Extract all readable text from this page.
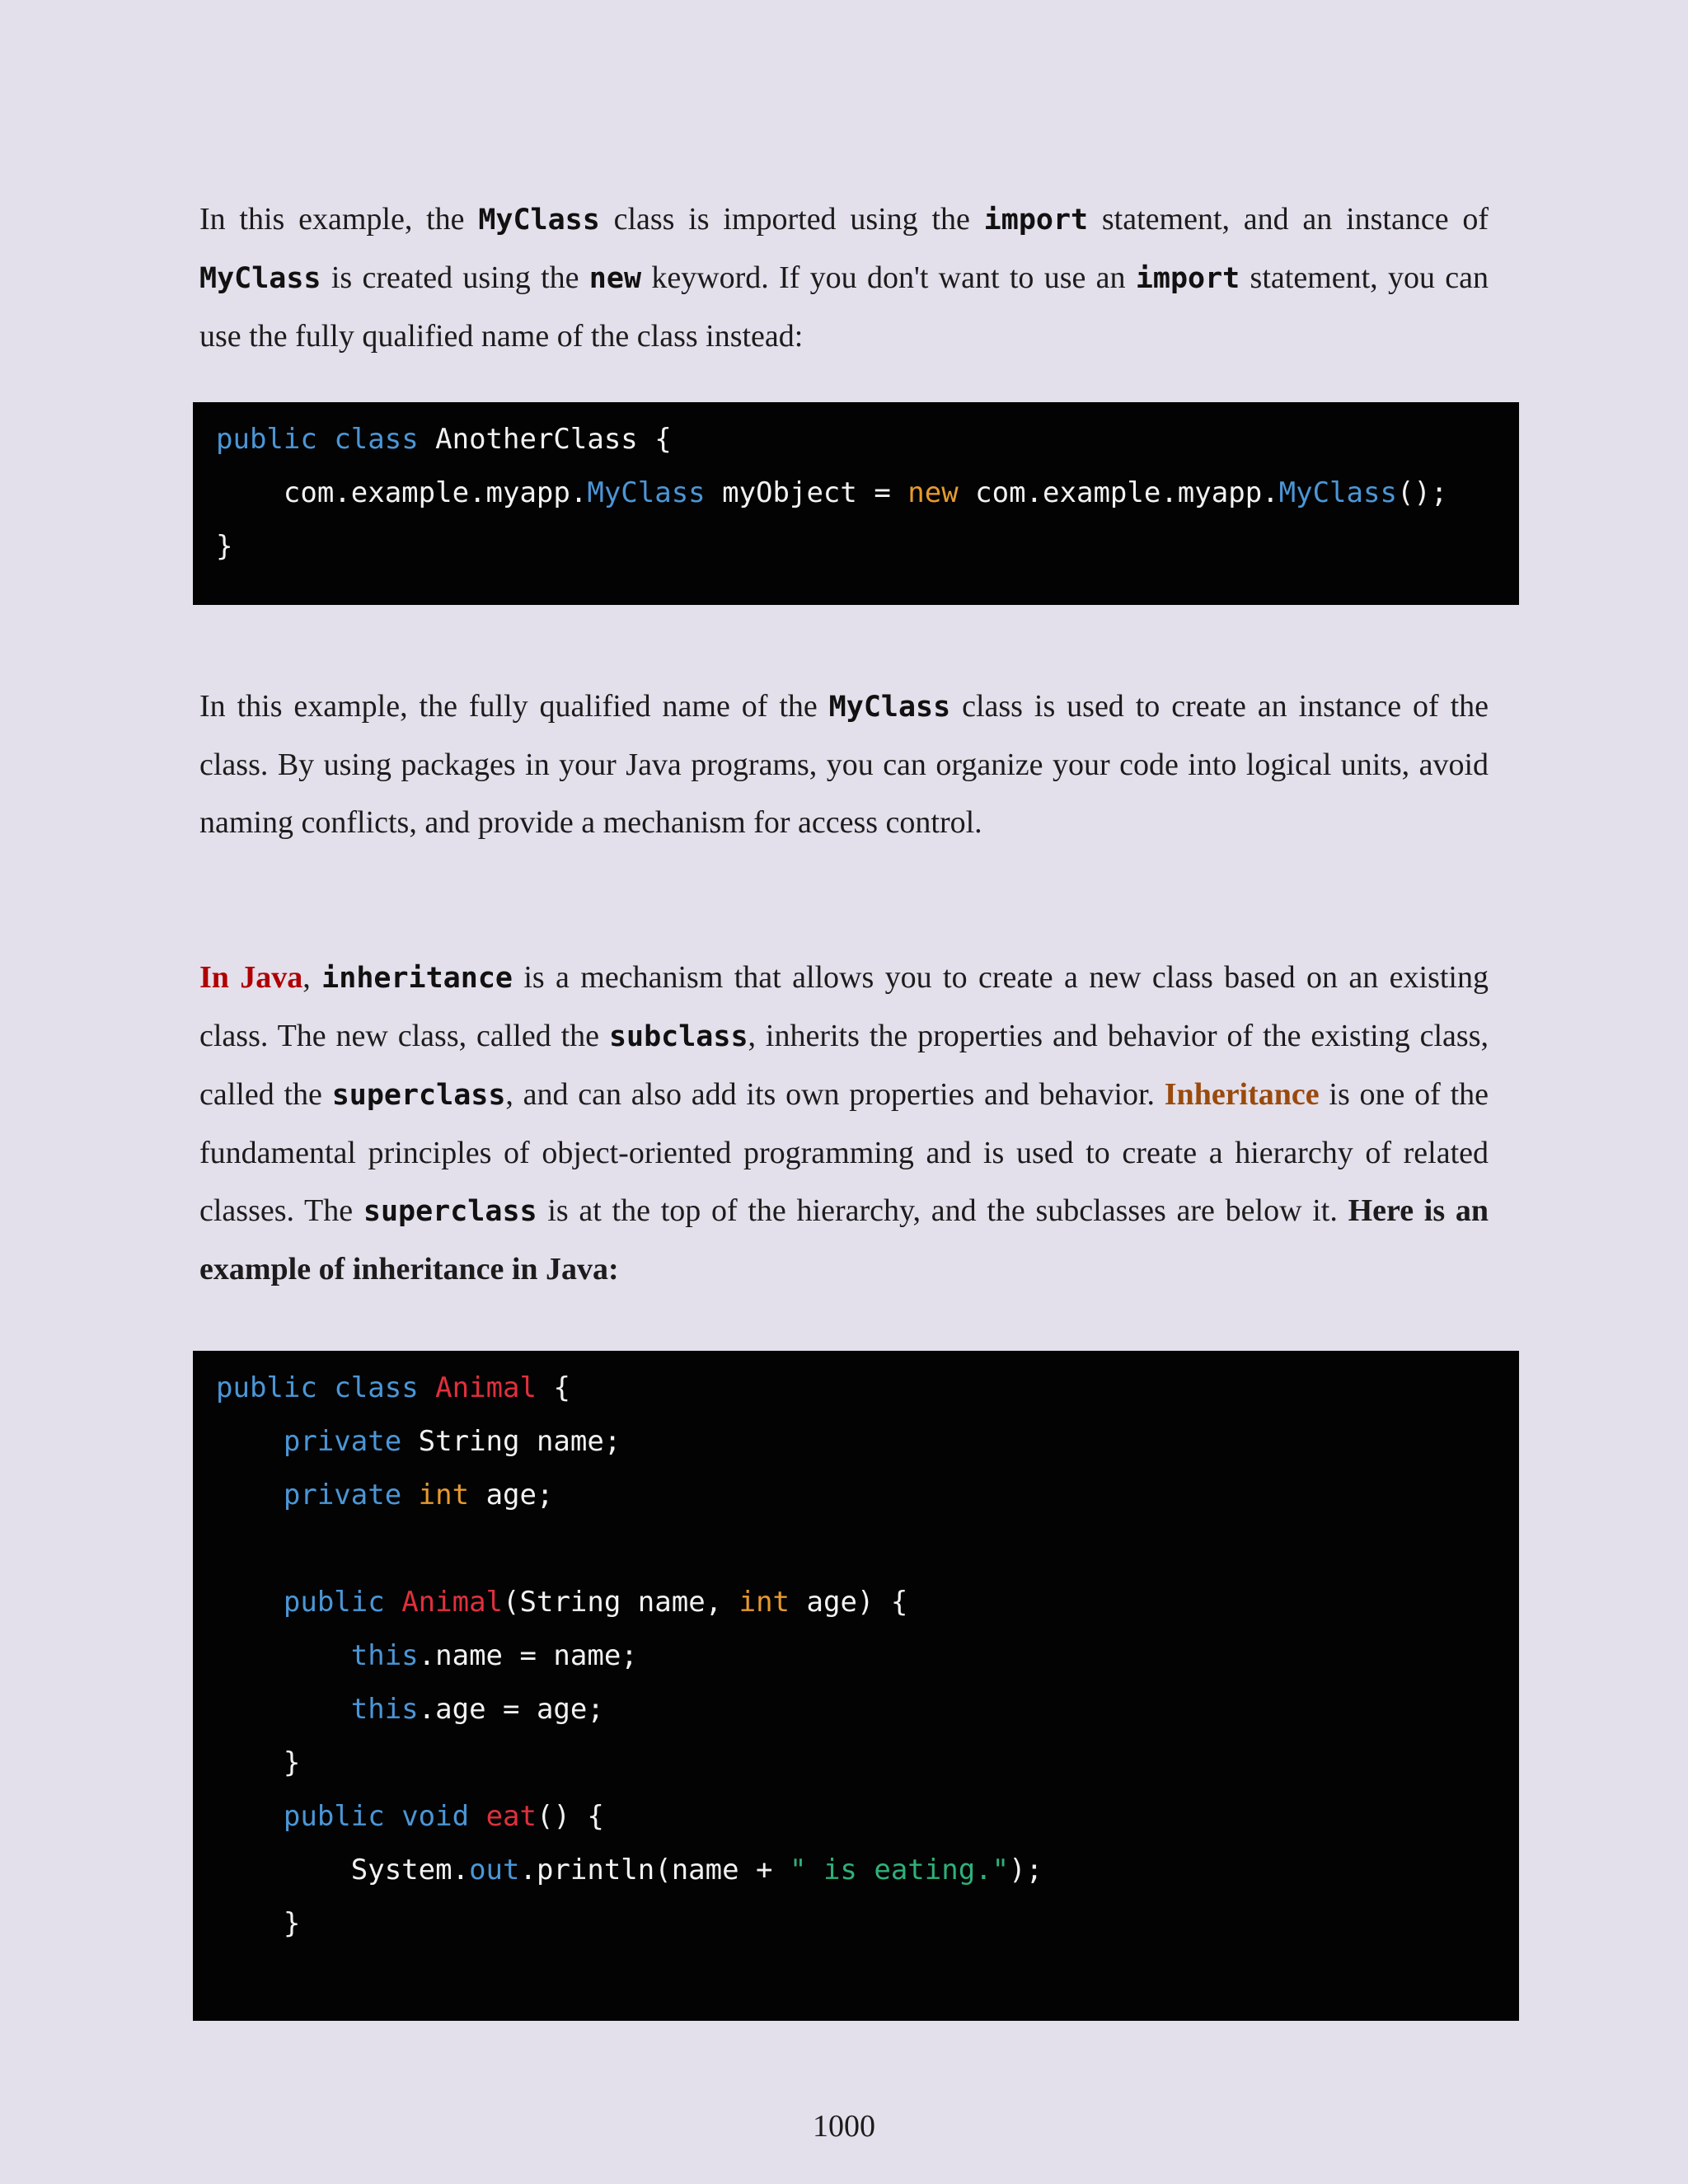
In this example, the MyClass class is imported using the import statement, and an instance of MyClass is created using the new keyword. If you don't want to use an import statement, you can use the fully qualified name of the class instead:

public class AnotherClass {
com.example.myapp.MyClass myObject = new com.example.myapp.MyClass();
}

In this example, the fully qualified name of the MyClass class is used to create an instance of the class. By using packages in your Java programs, you can organize your code into logical units, avoid naming conflicts, and provide a mechanism for access control.

In Java, inheritance is a mechanism that allows you to create a new class based on an existing class. The new class, called the subclass, inherits the properties and behavior of the existing class, called the superclass, and can also add its own properties and behavior. Inheritance is one of the fundamental principles of object-oriented programming and is used to create a hierarchy of related classes. The superclass is at the top of the hierarchy, and the subclasses are below it. Here is an example of inheritance in Java:

public class Animal {
private String name;
private int age;

public Animal(String name, int age) {
this.name = name;
this.age = age;
}
public void eat() {
System.out.println(name + " is eating.");
}
1000
